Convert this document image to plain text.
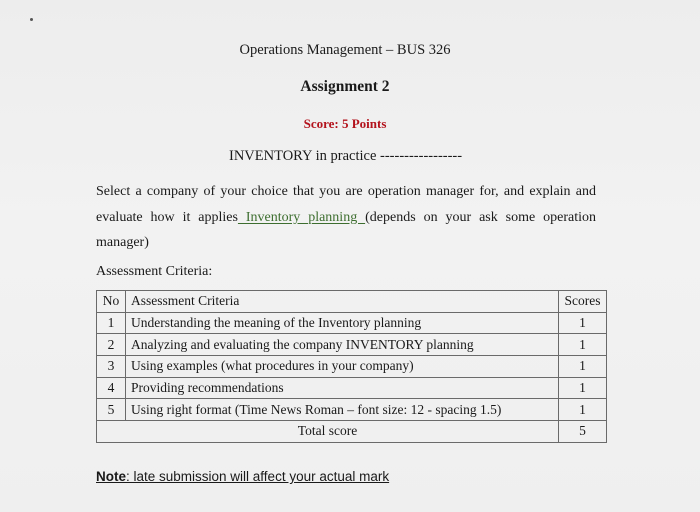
Operations Management – BUS 326
Assignment 2
Score: 5 Points
INVENTORY in practice -----------------
Select a company of your choice that you are operation manager for, and explain and evaluate how it applies Inventory planning (depends on your ask some operation manager)
Assessment Criteria:
No	Assessment Criteria	Scores
1	Understanding the meaning of the Inventory planning	1
2	Analyzing and evaluating the company INVENTORY planning	1
3	Using examples (what procedures in your company)	1
4	Providing recommendations	1
5	Using right format (Time News Roman – font size: 12 - spacing 1.5)	1
Total score		5
Note: late submission will affect your actual mark
